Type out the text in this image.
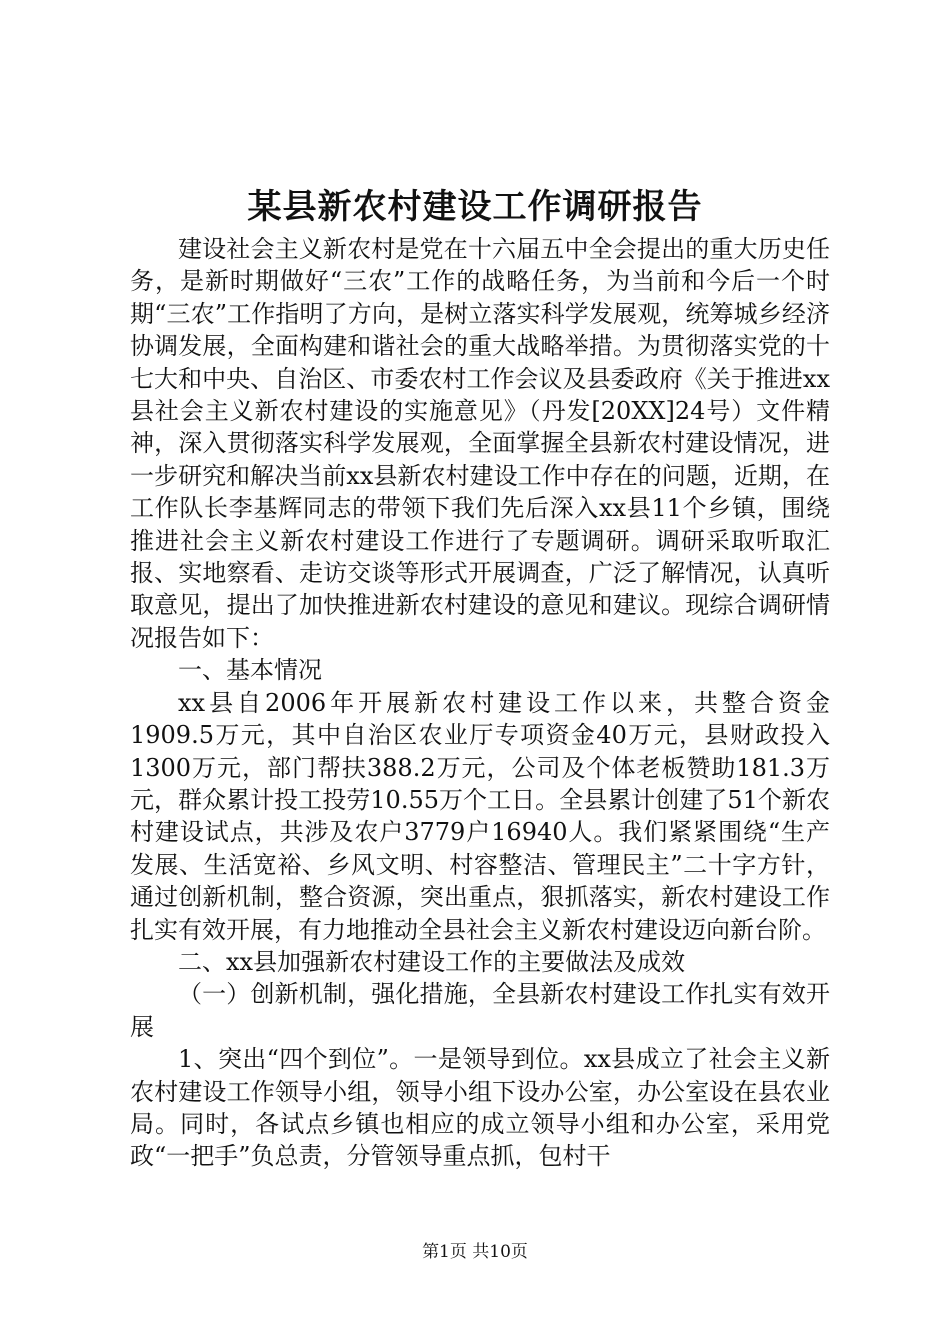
某县新农村建设工作调研报告

建设社会主义新农村是党在十六届五中全会提出的重大历史任务，是新时期做好“三农”工作的战略任务，为当前和今后一个时期“三农”工作指明了方向，是树立落实科学发展观，统筹城乡经济协调发展，全面构建和谐社会的重大战略举措。为贯彻落实党的十七大和中央、自治区、市委农村工作会议及县委政府《关于推进xx县社会主义新农村建设的实施意见》（丹发[20XX]24号）文件精神，深入贯彻落实科学发展观，全面掌握全县新农村建设情况，进一步研究和解决当前xx县新农村建设工作中存在的问题，近期，在工作队长李基辉同志的带领下我们先后深入xx县11个乡镇，围绕推进社会主义新农村建设工作进行了专题调研。调研采取听取汇报、实地察看、走访交谈等形式开展调查，广泛了解情况，认真听取意见，提出了加快推进新农村建设的意见和建议。现综合调研情况报告如下：

一、基本情况

xx县自2006年开展新农村建设工作以来，共整合资金1909.5万元，其中自治区农业厅专项资金40万元，县财政投入1300万元，部门帮扶388.2万元，公司及个体老板赞助181.3万元，群众累计投工投劳10.55万个工日。全县累计创建了51个新农村建设试点，共涉及农户3779户16940人。我们紧紧围绕“生产发展、生活宽裕、乡风文明、村容整洁、管理民主”二十字方针，通过创新机制，整合资源，突出重点，狠抓落实，新农村建设工作扎实有效开展，有力地推动全县社会主义新农村建设迈向新台阶。

二、xx县加强新农村建设工作的主要做法及成效

（一）创新机制，强化措施，全县新农村建设工作扎实有效开展

1、突出“四个到位”。一是领导到位。xx县成立了社会主义新农村建设工作领导小组，领导小组下设办公室，办公室设在县农业局。同时，各试点乡镇也相应的成立领导小组和办公室，采用党政“一把手”负总责，分管领导重点抓，包村干

第1页 共10页
